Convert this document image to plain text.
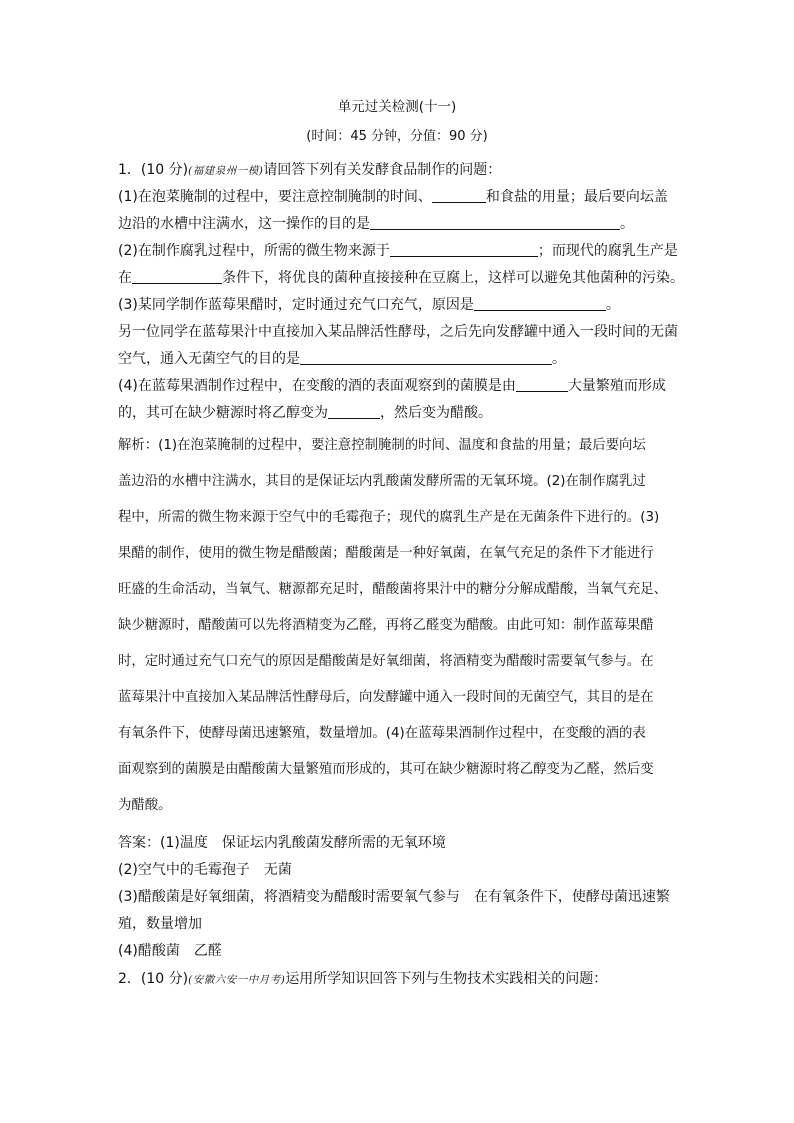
单元过关检测(十一)
(时间：45 分钟，分值：90 分)
1．(10 分)(福建泉州一模)请回答下列有关发酵食品制作的问题：
(1)在泡菜腌制的过程中，要注意控制腌制的时间、	和食盐的用量；最后要向坛盖
边沿的水槽中注满水，这一操作的目的是	。
(2)在制作腐乳过程中，所需的微生物来源于	；而现代的腐乳生产是
在	条件下，将优良的菌种直接接种在豆腐上，这样可以避免其他菌种的污染。
(3)某同学制作蓝莓果醋时，定时通过充气口充气，原因是	。
另一位同学在蓝莓果汁中直接加入某品牌活性酵母，之后先向发酵罐中通入一段时间的无菌
空气，通入无菌空气的目的是	。
(4)在蓝莓果酒制作过程中，在变酸的酒的表面观察到的菌膜是由	大量繁殖而形成
的，其可在缺少糖源时将乙醇变为	，然后变为醋酸。
解析：(1)在泡菜腌制的过程中，要注意控制腌制的时间、温度和食盐的用量；最后要向坛
盖边沿的水槽中注满水，其目的是保证坛内乳酸菌发酵所需的无氧环境。(2)在制作腐乳过
程中，所需的微生物来源于空气中的毛霉孢子；现代的腐乳生产是在无菌条件下进行的。(3)
果醋的制作，使用的微生物是醋酸菌；醋酸菌是一种好氧菌，在氧气充足的条件下才能进行
旺盛的生命活动，当氧气、糖源都充足时，醋酸菌将果汁中的糖分分解成醋酸，当氧气充足、
缺少糖源时，醋酸菌可以先将酒精变为乙醛，再将乙醛变为醋酸。由此可知：制作蓝莓果醋
时，定时通过充气口充气的原因是醋酸菌是好氧细菌，将酒精变为醋酸时需要氧气参与。在
蓝莓果汁中直接加入某品牌活性酵母后，向发酵罐中通入一段时间的无菌空气，其目的是在
有氧条件下，使酵母菌迅速繁殖，数量增加。(4)在蓝莓果酒制作过程中，在变酸的酒的表
面观察到的菌膜是由醋酸菌大量繁殖而形成的，其可在缺少糖源时将乙醇变为乙醛，然后变
为醋酸。
答案：(1)温度　保证坛内乳酸菌发酵所需的无氧环境
(2)空气中的毛霉孢子　无菌
(3)醋酸菌是好氧细菌，将酒精变为醋酸时需要氧气参与　在有氧条件下，使酵母菌迅速繁
殖，数量增加
(4)醋酸菌　乙醛
2．(10 分)(安徽六安一中月考)运用所学知识回答下列与生物技术实践相关的问题：
